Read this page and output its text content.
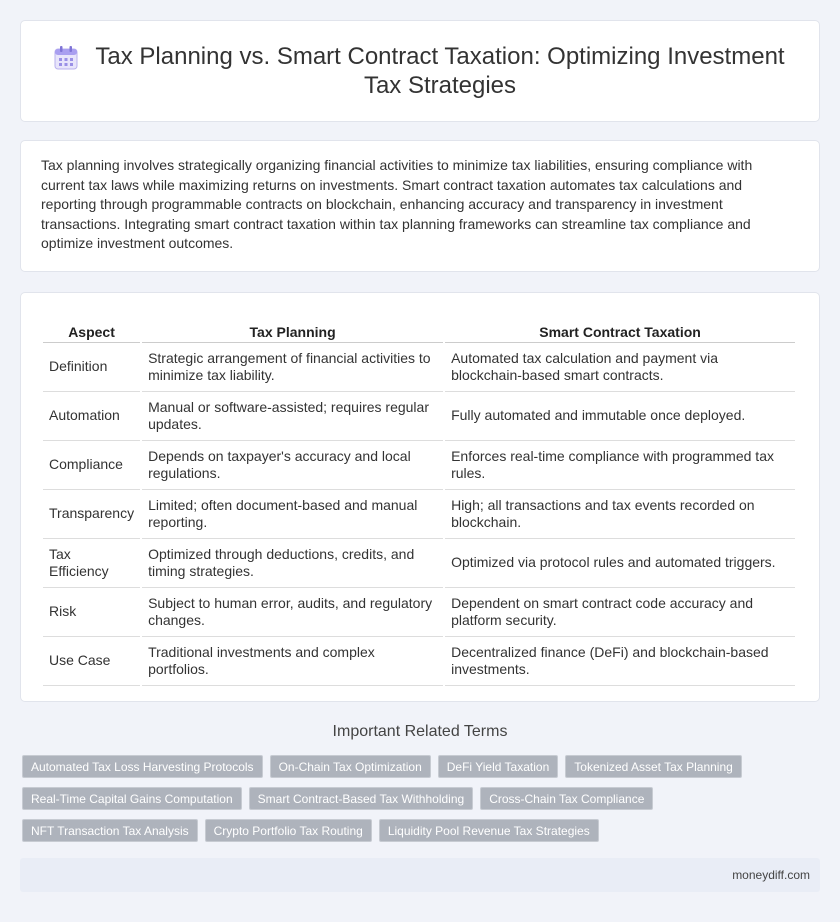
Tax Planning vs. Smart Contract Taxation: Optimizing Investment Tax Strategies

Tax planning involves strategically organizing financial activities to minimize tax liabilities, ensuring compliance with current tax laws while maximizing returns on investments. Smart contract taxation automates tax calculations and reporting through programmable contracts on blockchain, enhancing accuracy and transparency in investment transactions. Integrating smart contract taxation within tax planning frameworks can streamline tax compliance and optimize investment outcomes.

Aspect	Tax Planning	Smart Contract Taxation
Definition	Strategic arrangement of financial activities to minimize tax liability.	Automated tax calculation and payment via blockchain-based smart contracts.
Automation	Manual or software-assisted; requires regular updates.	Fully automated and immutable once deployed.
Compliance	Depends on taxpayer's accuracy and local regulations.	Enforces real-time compliance with programmed tax rules.
Transparency	Limited; often document-based and manual reporting.	High; all transactions and tax events recorded on blockchain.
Tax Efficiency	Optimized through deductions, credits, and timing strategies.	Optimized via protocol rules and automated triggers.
Risk	Subject to human error, audits, and regulatory changes.	Dependent on smart contract code accuracy and platform security.
Use Case	Traditional investments and complex portfolios.	Decentralized finance (DeFi) and blockchain-based investments.
Important Related Terms
Automated Tax Loss Harvesting Protocols	On-Chain Tax Optimization	DeFi Yield Taxation	Tokenized Asset Tax Planning
Real-Time Capital Gains Computation	Smart Contract-Based Tax Withholding	Cross-Chain Tax Compliance
NFT Transaction Tax Analysis	Crypto Portfolio Tax Routing	Liquidity Pool Revenue Tax Strategies
moneydiff.com
